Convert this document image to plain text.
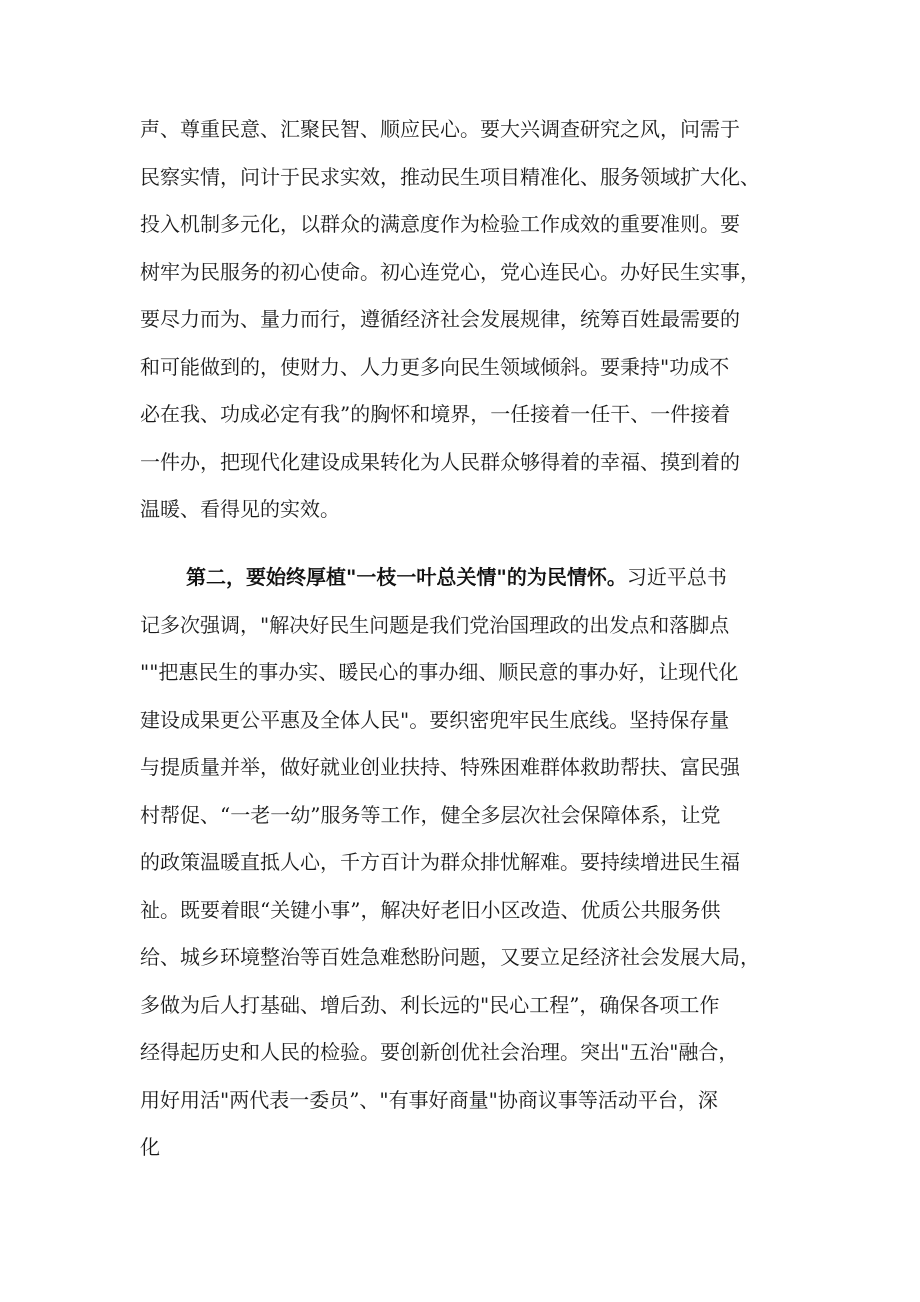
声、尊重民意、汇聚民智、顺应民心。要大兴调查研究之风，问需于
民察实情，问计于民求实效，推动民生项目精准化、服务领域扩大化、
投入机制多元化，以群众的满意度作为检验工作成效的重要准则。要
树牢为民服务的初心使命。初心连党心，党心连民心。办好民生实事，
要尽力而为、量力而行，遵循经济社会发展规律，统筹百姓最需要的
和可能做到的，使财力、人力更多向民生领域倾斜。要秉持"功成不
必在我、功成必定有我”的胸怀和境界，一任接着一任干、一件接着
一件办，把现代化建设成果转化为人民群众够得着的幸福、摸到着的
温暖、看得见的实效。
第二，要始终厚植"一枝一叶总关情"的为民情怀。习近平总书
记多次强调，"解决好民生问题是我们党治国理政的出发点和落脚点
""把惠民生的事办实、暖民心的事办细、顺民意的事办好，让现代化
建设成果更公平惠及全体人民"。要织密兜牢民生底线。坚持保存量
与提质量并举，做好就业创业扶持、特殊困难群体救助帮扶、富民强
村帮促、“一老一幼”服务等工作，健全多层次社会保障体系，让党
的政策温暖直抵人心，千方百计为群众排忧解难。要持续增进民生福
祉。既要着眼“关键小事”，解决好老旧小区改造、优质公共服务供
给、城乡环境整治等百姓急难愁盼问题，又要立足经济社会发展大局，
多做为后人打基础、增后劲、利长远的"民心工程”，确保各项工作
经得起历史和人民的检验。要创新创优社会治理。突出"五治"融合，
用好用活"两代表一委员”、"有事好商量"协商议事等活动平台，深
化
